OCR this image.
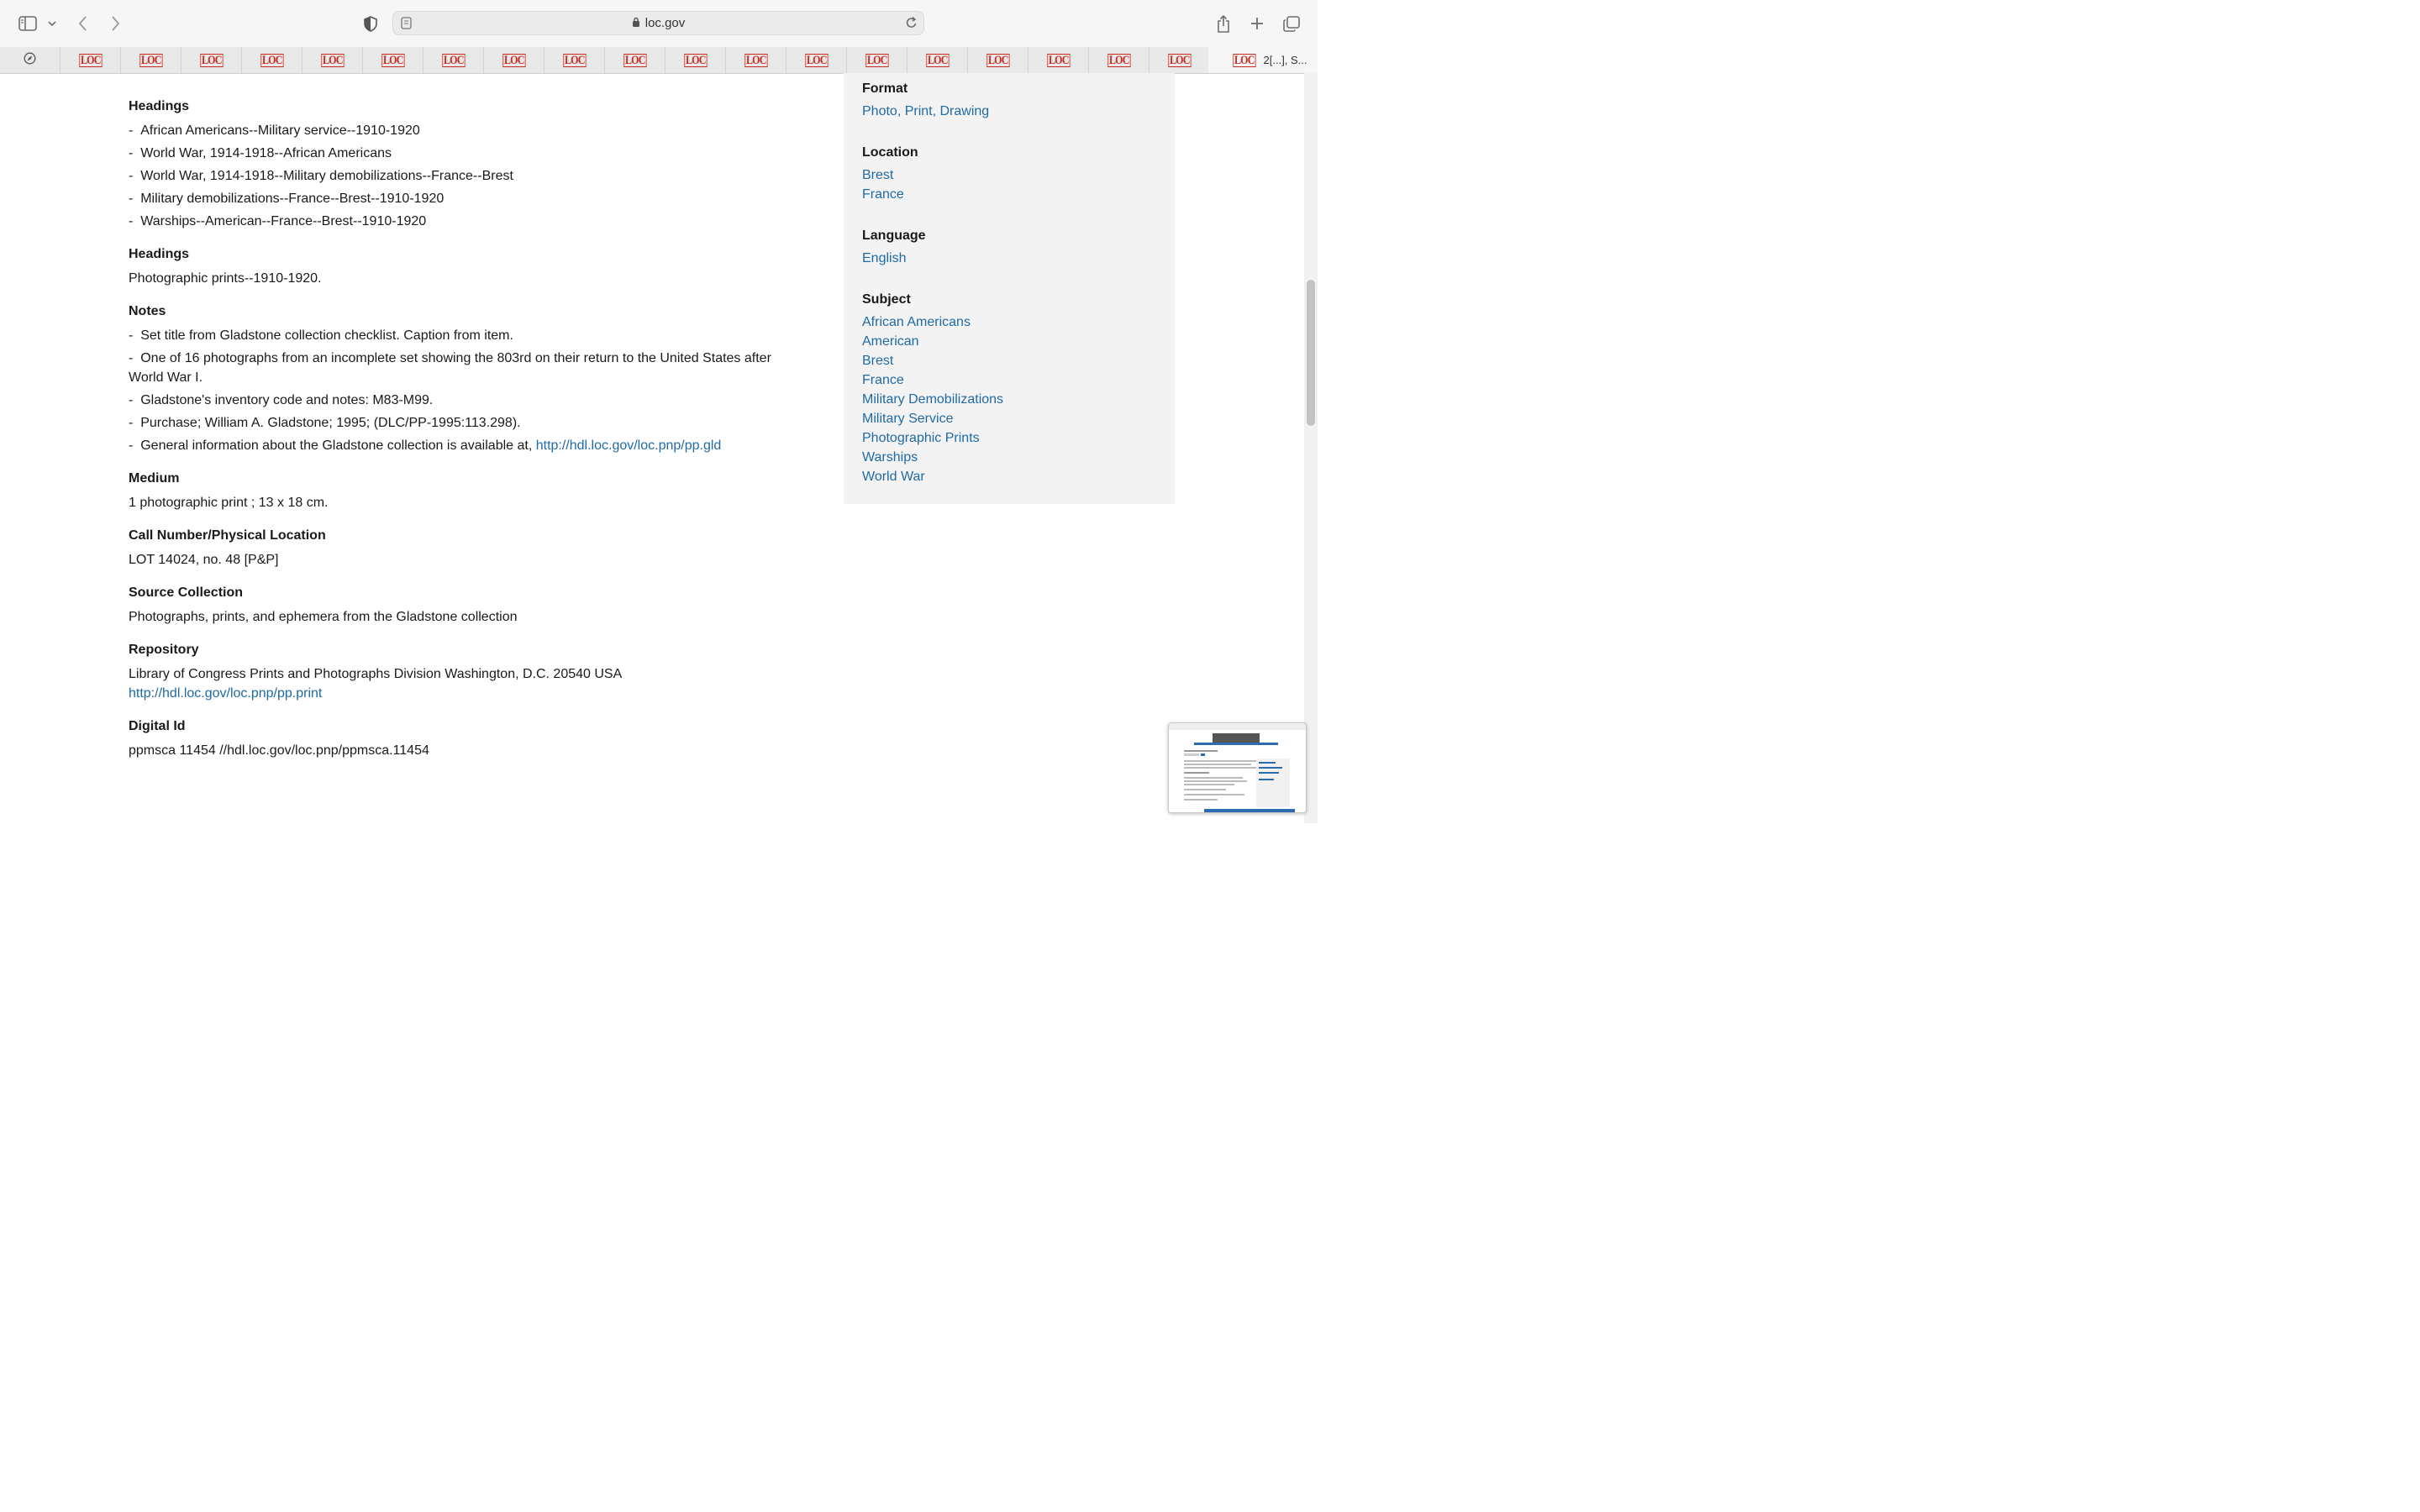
loc.gov
LOC	LOC	LOC	LOC	LOC	LOC	LOC	LOC	LOC	LOC	LOC	LOC	LOC	LOC	LOC	LOC	LOC	LOC	LOC	LOC 2[...], S...
Headings
-  African Americans--Military service--1910-1920
-  World War, 1914-1918--African Americans
-  World War, 1914-1918--Military demobilizations--France--Brest
-  Military demobilizations--France--Brest--1910-1920
-  Warships--American--France--Brest--1910-1920
Headings
Photographic prints--1910-1920.
Notes
-  Set title from Gladstone collection checklist. Caption from item.
-  One of 16 photographs from an incomplete set showing the 803rd on their return to the United States after World War I.
-  Gladstone's inventory code and notes: M83-M99.
-  Purchase; William A. Gladstone; 1995; (DLC/PP-1995:113.298).
-  General information about the Gladstone collection is available at, http://hdl.loc.gov/loc.pnp/pp.gld
Medium
1 photographic print ; 13 x 18 cm.
Call Number/Physical Location
LOT 14024, no. 48 [P&P]
Source Collection
Photographs, prints, and ephemera from the Gladstone collection
Repository
Library of Congress Prints and Photographs Division Washington, D.C. 20540 USA
http://hdl.loc.gov/loc.pnp/pp.print
Digital Id
ppmsca 11454 //hdl.loc.gov/loc.pnp/ppmsca.11454
Format
Photo, Print, Drawing
Location
Brest
France
Language
English
Subject
African Americans
American
Brest
France
Military Demobilizations
Military Service
Photographic Prints
Warships
World War
